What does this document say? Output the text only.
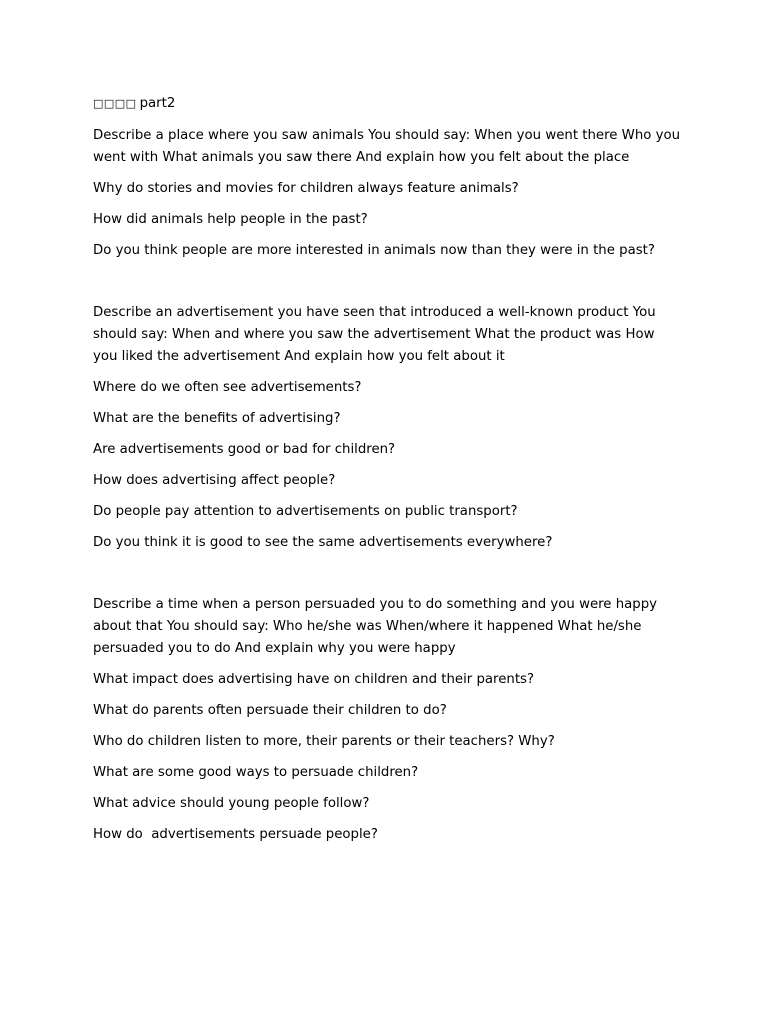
□□□□ part2

Describe a place where you saw animals You should say: When you went there Who you went with What animals you saw there And explain how you felt about the place

Why do stories and movies for children always feature animals?

How did animals help people in the past?

Do you think people are more interested in animals now than they were in the past?

Describe an advertisement you have seen that introduced a well-known product You should say: When and where you saw the advertisement What the product was How you liked the advertisement And explain how you felt about it

Where do we often see advertisements?

What are the benefits of advertising?

Are advertisements good or bad for children?

How does advertising affect people?

Do people pay attention to advertisements on public transport?

Do you think it is good to see the same advertisements everywhere?

Describe a time when a person persuaded you to do something and you were happy about that You should say: Who he/she was When/where it happened What he/she persuaded you to do And explain why you were happy

What impact does advertising have on children and their parents?

What do parents often persuade their children to do?

Who do children listen to more, their parents or their teachers? Why?

What are some good ways to persuade children?

What advice should young people follow?

How do  advertisements persuade people?
